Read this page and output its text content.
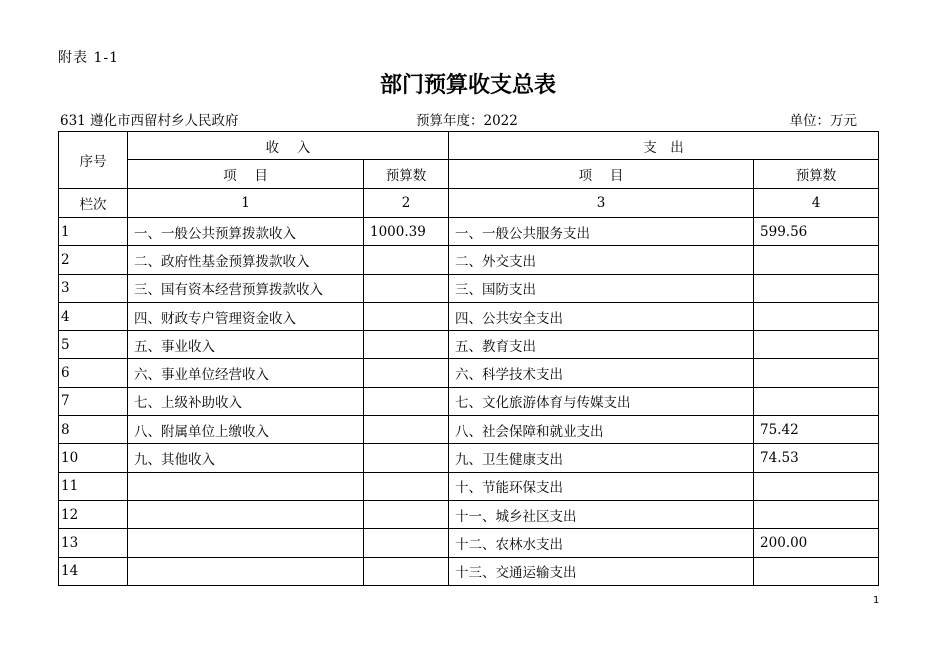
附表 1-1
部门预算收支总表
631 遵化市西留村乡人民政府	预算年度：2022	单位：万元
序号	收　 入		支　出	
	项　 目	预算数	项　 目	预算数
栏次	1	2	3	4
1	一、一般公共预算拨款收入	1000.39	一、一般公共服务支出	599.56
2	二、政府性基金预算拨款收入		二、外交支出	
3	三、国有资本经营预算拨款收入		三、国防支出	
4	四、财政专户管理资金收入		四、公共安全支出	
5	五、事业收入		五、教育支出	
6	六、事业单位经营收入		六、科学技术支出	
7	七、上级补助收入		七、文化旅游体育与传媒支出	
8	八、附属单位上缴收入		八、社会保障和就业支出	75.42
10	九、其他收入		九、卫生健康支出	74.53
11			十、节能环保支出	
12			十一、城乡社区支出	
13			十二、农林水支出	200.00
14			十三、交通运输支出	
1
